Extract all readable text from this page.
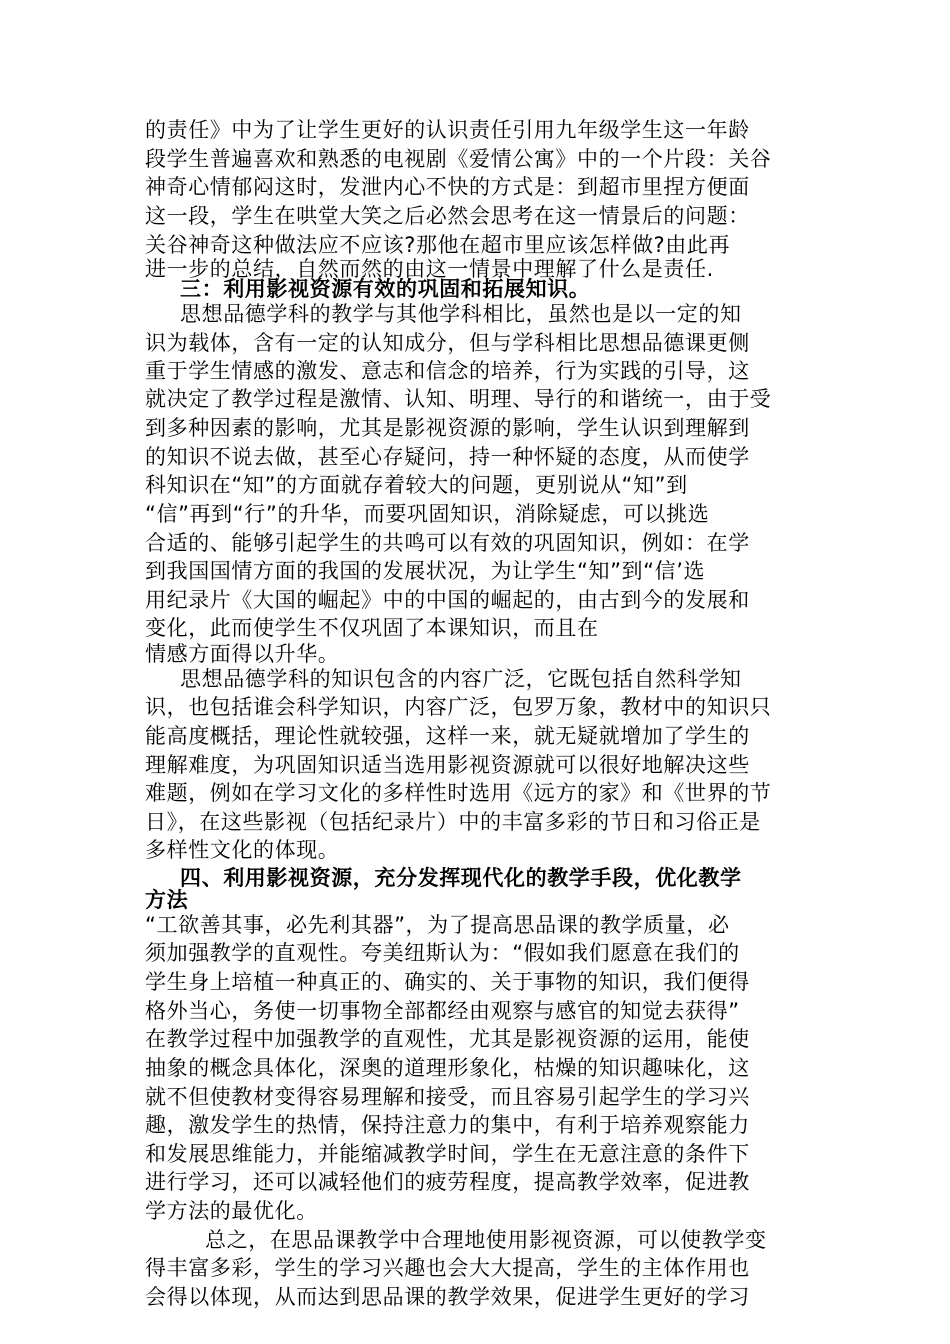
的责任》中为了让学生更好的认识责任引用九年级学生这一年龄
段学生普遍喜欢和熟悉的电视剧《爱情公寓》中的一个片段：关谷
神奇心情郁闷这时，发泄内心不快的方式是：到超市里捏方便面
这一段，学生在哄堂大笑之后必然会思考在这一情景后的问题：
关谷神奇这种做法应不应该?那他在超市里应该怎样做?由此再
进一步的总结，自然而然的由这一情景中理解了什么是责任.
三：利用影视资源有效的巩固和拓展知识。
思想品德学科的教学与其他学科相比，虽然也是以一定的知
识为载体，含有一定的认知成分，但与学科相比思想品德课更侧
重于学生情感的激发、意志和信念的培养，行为实践的引导，这
就决定了教学过程是激情、认知、明理、导行的和谐统一，由于受
到多种因素的影响，尤其是影视资源的影响，学生认识到理解到
的知识不说去做，甚至心存疑问，持一种怀疑的态度，从而使学
科知识在“知”的方面就存着较大的问题，更别说从“知”到
“信”再到“行”的升华，而要巩固知识，消除疑虑，可以挑选
合适的、能够引起学生的共鸣可以有效的巩固知识，例如：在学
到我国国情方面的我国的发展状况，为让学生“知”到“信’选
用纪录片《大国的崛起》中的中国的崛起的，由古到今的发展和
变化，此而使学生不仅巩固了本课知识，而且在
情感方面得以升华。
思想品德学科的知识包含的内容广泛，它既包括自然科学知
识，也包括谁会科学知识，内容广泛，包罗万象，教材中的知识只
能高度概括，理论性就较强，这样一来，就无疑就增加了学生的
理解难度，为巩固知识适当选用影视资源就可以很好地解决这些
难题，例如在学习文化的多样性时选用《远方的家》和《世界的节
日》，在这些影视（包括纪录片）中的丰富多彩的节日和习俗正是
多样性文化的体现。
四、利用影视资源，充分发挥现代化的教学手段，优化教学
方法
“工欲善其事，必先利其器”，为了提高思品课的教学质量，必
须加强教学的直观性。夸美纽斯认为：“假如我们愿意在我们的
学生身上培植一种真正的、确实的、关于事物的知识，我们便得
格外当心，务使一切事物全部都经由观察与感官的知觉去获得”
在教学过程中加强教学的直观性，尤其是影视资源的运用，能使
抽象的概念具体化，深奥的道理形象化，枯燥的知识趣味化，这
就不但使教材变得容易理解和接受，而且容易引起学生的学习兴
趣，激发学生的热情，保持注意力的集中，有利于培养观察能力
和发展思维能力，并能缩减教学时间，学生在无意注意的条件下
进行学习，还可以减轻他们的疲劳程度，提高教学效率，促进教
学方法的最优化。
总之，在思品课教学中合理地使用影视资源，可以使教学变
得丰富多彩，学生的学习兴趣也会大大提高，学生的主体作用也
会得以体现，从而达到思品课的教学效果，促进学生更好的学习
